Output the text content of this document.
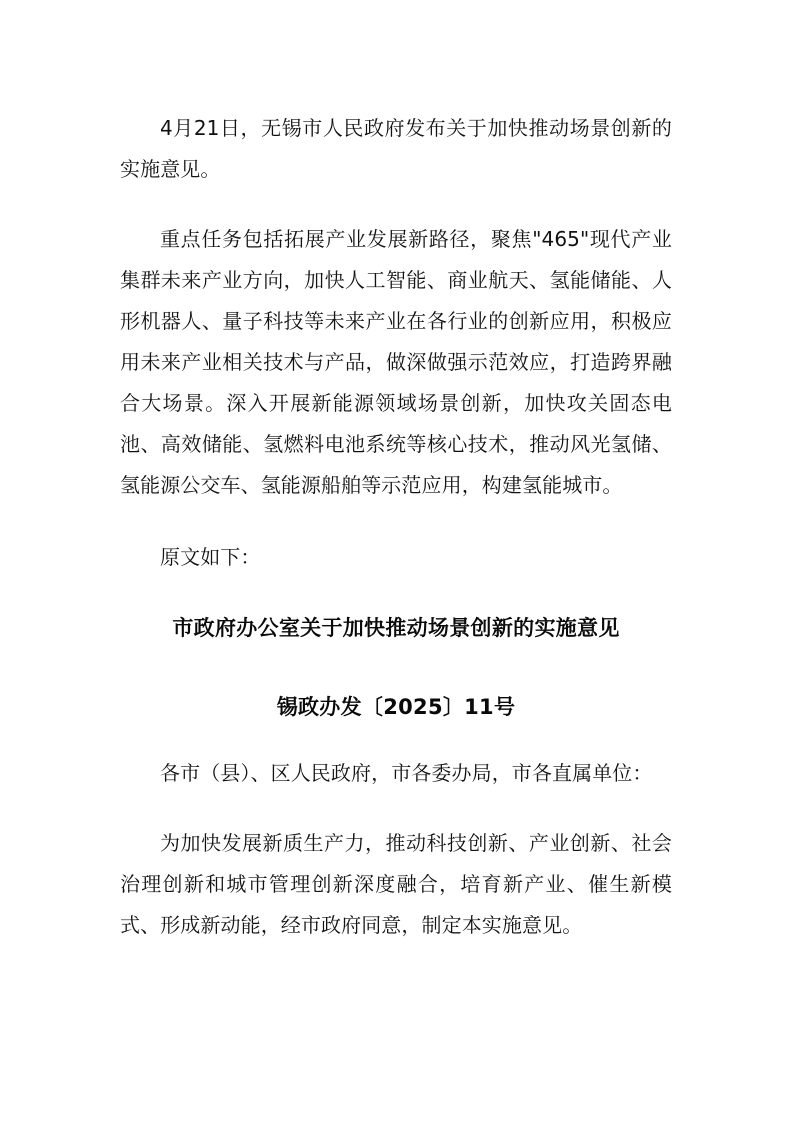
4月21日，无锡市人民政府发布关于加快推动场景创新的实施意见。

重点任务包括拓展产业发展新路径，聚焦"465"现代产业集群未来产业方向，加快人工智能、商业航天、氢能储能、人形机器人、量子科技等未来产业在各行业的创新应用，积极应用未来产业相关技术与产品，做深做强示范效应，打造跨界融合大场景。深入开展新能源领域场景创新，加快攻关固态电池、高效储能、氢燃料电池系统等核心技术，推动风光氢储、氢能源公交车、氢能源船舶等示范应用，构建氢能城市。

原文如下：

市政府办公室关于加快推动场景创新的实施意见

锡政办发〔2025〕11号

各市（县）、区人民政府，市各委办局，市各直属单位：

为加快发展新质生产力，推动科技创新、产业创新、社会治理创新和城市管理创新深度融合，培育新产业、催生新模式、形成新动能，经市政府同意，制定本实施意见。
